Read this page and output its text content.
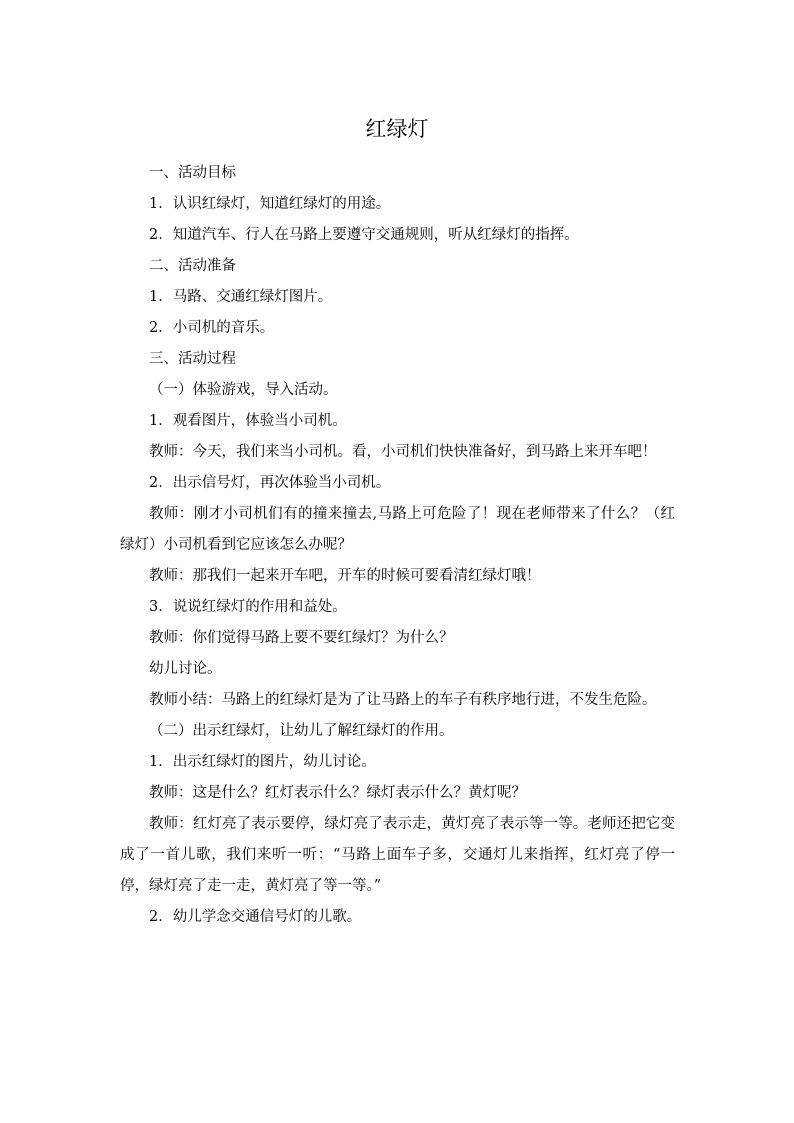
红绿灯

一、活动目标

1．认识红绿灯，知道红绿灯的用途。

2．知道汽车、行人在马路上要遵守交通规则，听从红绿灯的指挥。

二、活动准备

1．马路、交通红绿灯图片。

2．小司机的音乐。

三、活动过程

（一）体验游戏，导入活动。

1．观看图片，体验当小司机。

教师：今天，我们来当小司机。看，小司机们快快准备好，到马路上来开车吧！

2．出示信号灯，再次体验当小司机。

教师：刚才小司机们有的撞来撞去,马路上可危险了！现在老师带来了什么？（红绿灯）小司机看到它应该怎么办呢？

教师：那我们一起来开车吧，开车的时候可要看清红绿灯哦！

3．说说红绿灯的作用和益处。

教师：你们觉得马路上要不要红绿灯？为什么？

幼儿讨论。

教师小结：马路上的红绿灯是为了让马路上的车子有秩序地行进，不发生危险。

（二）出示红绿灯，让幼儿了解红绿灯的作用。

1．出示红绿灯的图片，幼儿讨论。

教师：这是什么？红灯表示什么？绿灯表示什么？黄灯呢？

教师：红灯亮了表示要停，绿灯亮了表示走，黄灯亮了表示等一等。老师还把它变成了一首儿歌，我们来听一听：“马路上面车子多，交通灯儿来指挥，红灯亮了停一停，绿灯亮了走一走，黄灯亮了等一等。”

2．幼儿学念交通信号灯的儿歌。
